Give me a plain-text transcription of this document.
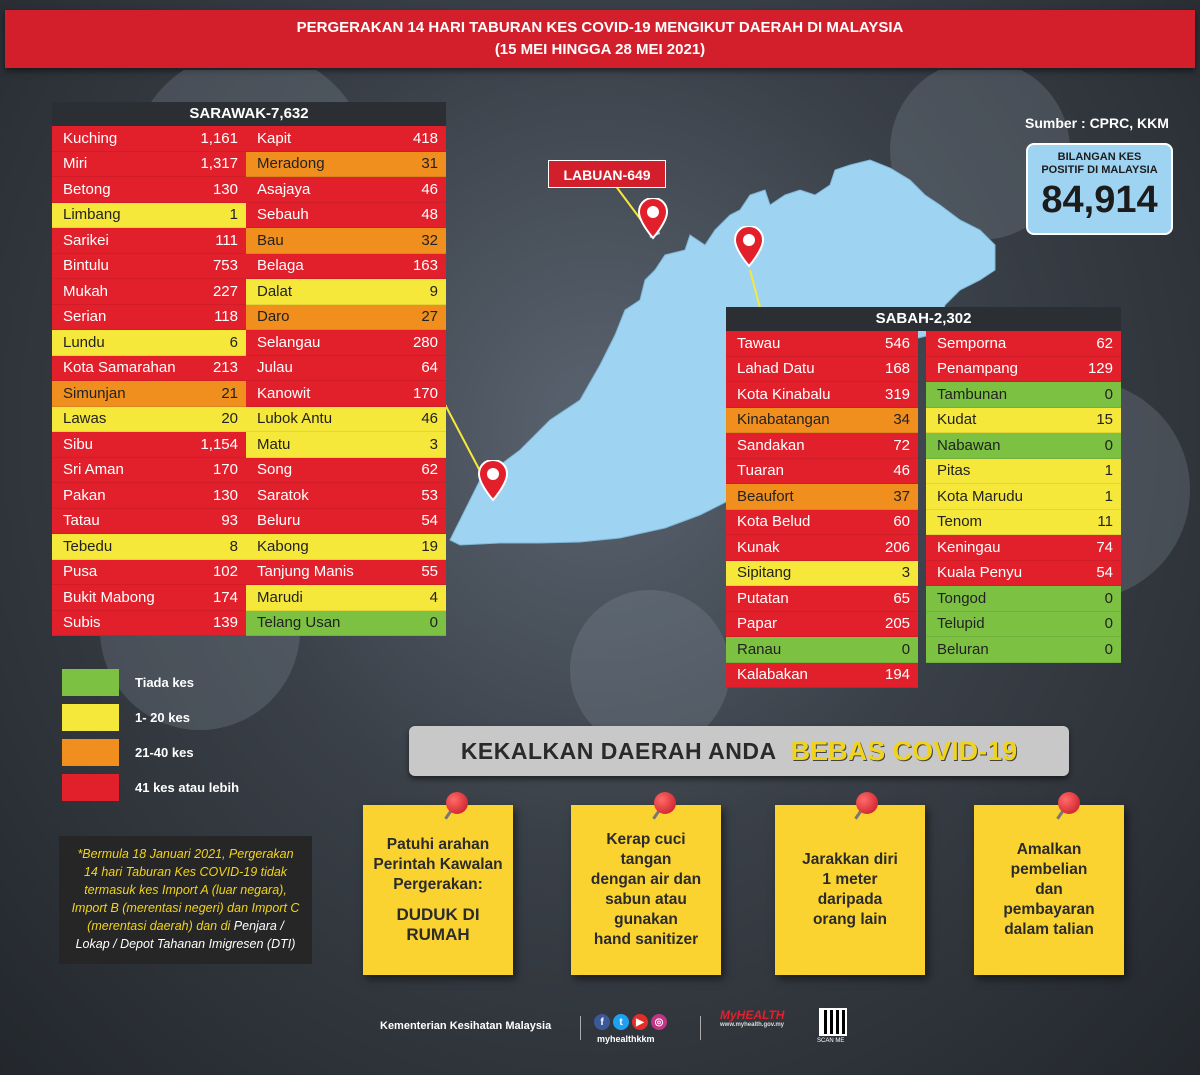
PERGERAKAN 14 HARI TABURAN KES COVID-19 MENGIKUT DAERAH DI MALAYSIA
(15 MEI HINGGA 28 MEI 2021)
LABUAN-649
SARAWAK-7,632
Kuching	1,161
Miri	1,317
Betong	130
Limbang	1
Sarikei	111
Bintulu	753
Mukah	227
Serian	118
Lundu	6
Kota Samarahan 213
Simunjan	21
Lawas	20
Sibu	1,154
Sri Aman	170
Pakan	130
Tatau	93
Tebedu	8
Pusa	102
Bukit Mabong	174
Subis	139
Kapit	418
Meradong	31
Asajaya	46
Sebauh	48
Bau	32
Belaga	163
Dalat	9
Daro	27
Selangau	280
Julau	64
Kanowit	170
Lubok Antu	46
Matu	3
Song	62
Saratok	53
Beluru	54
Kabong	19
Tanjung Manis	55
Marudi	4
Telang Usan	0
SABAH-2,302
Tawau	546
Lahad Datu	168
Kota Kinabalu	319
Kinabatangan	34
Sandakan	72
Tuaran	46
Beaufort	37
Kota Belud	60
Kunak	206
Sipitang	3
Putatan	65
Papar	205
Ranau	0
Kalabakan	194
Semporna	62
Penampang	129
Tambunan	0
Kudat	15
Nabawan	0
Pitas	1
Kota Marudu	1
Tenom	11
Keningau	74
Kuala Penyu	54
Tongod	0
Telupid	0
Beluran	0
Sumber : CPRC, KKM
BILANGAN KES
POSITIF DI MALAYSIA
84,914
Tiada kes
1- 20 kes
21-40 kes
41 kes atau lebih
*Bermula 18 Januari 2021, Pergerakan 14 hari Taburan Kes COVID-19 tidak termasuk kes Import A (luar negara), Import B (merentasi negeri) dan Import C (merentasi daerah) dan di Penjara / Lokap / Depot Tahanan Imigresen (DTI)
KEKALKAN DAERAH ANDA BEBAS COVID-19
Patuhi arahan
Perintah Kawalan
Pergerakan:
DUDUK DI
RUMAH
Kerap cuci
tangan
dengan air dan
sabun atau
gunakan
hand sanitizer
Jarakkan diri
1 meter
daripada
orang lain
Amalkan
pembelian
dan
pembayaran
dalam talian
Kementerian Kesihatan Malaysia	f	t	▶	◎
myhealthkkm
MyHEALTH
www.myhealth.gov.my
SCAN ME
